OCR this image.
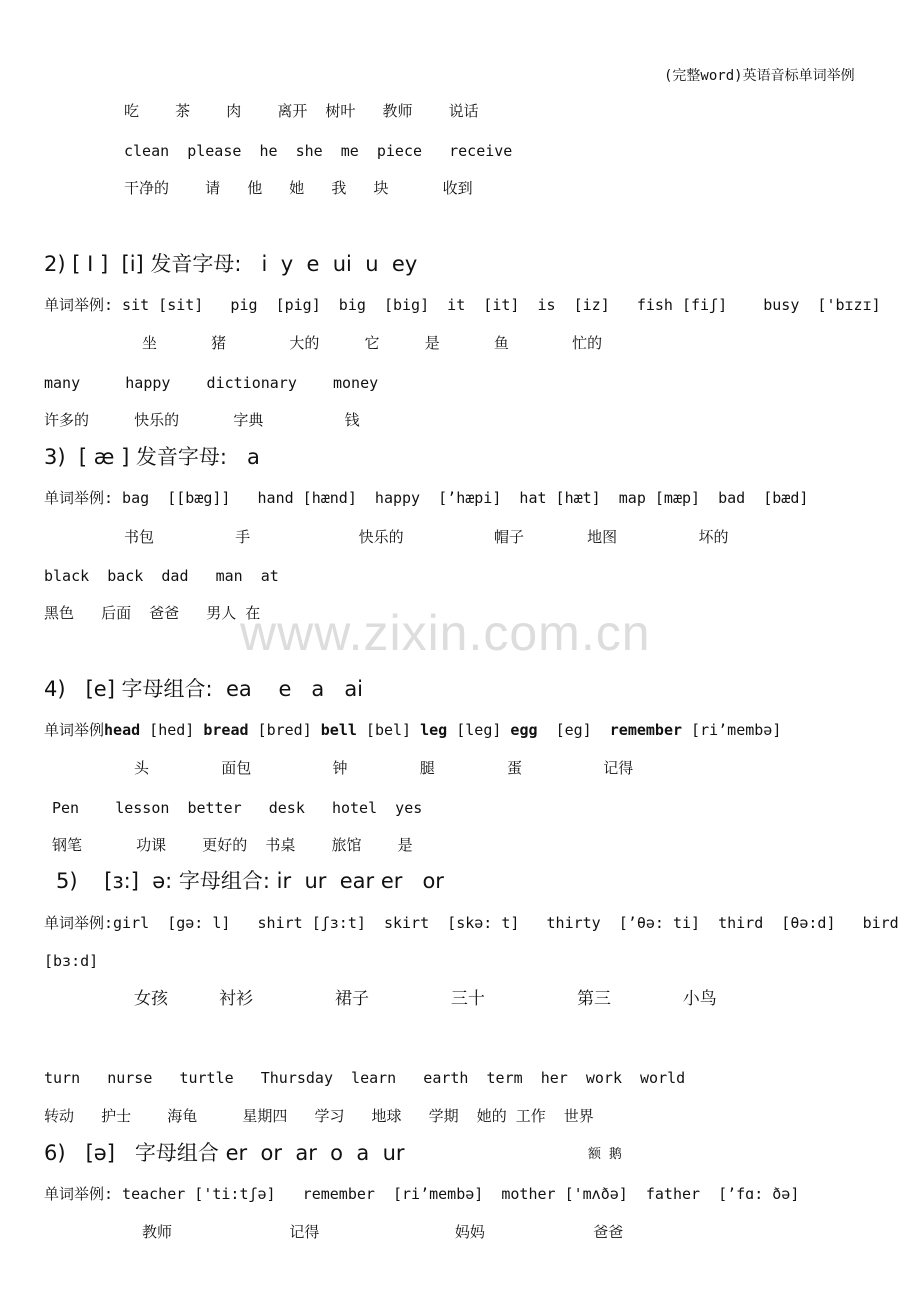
(完整word)英语音标单词举例
吃    茶    肉    离开  树叶   教师    说话
clean  please  he  she  me  piece   receive
干净的    请   他   她   我   块      收到
2) [ I ]  [i] 发音字母:   i  y  e  ui  u  ey
单词举例: sit [sit]   pig  [pig]  big  [big]  it  [it]  is  [iz]   fish [fiʃ]    busy  ['bɪzɪ]
坐      猪       大的     它     是      鱼       忙的
many     happy    dictionary    money
许多的     快乐的      字典         钱
3)  [ æ ] 发音字母:   a
单词举例: bag  [[bæg]]   hand [hænd]  happy  [’hæpi]  hat [hæt]  map [mæp]  bad  [bæd]
书包         手            快乐的          帽子       地图         坏的
black  back  dad   man  at
黑色   后面  爸爸   男人 在
www.zixin.com.cn
4)   [e] 字母组合:  ea    e   a   ai
单词举例head [hed] bread [bred] bell [bel] leg [leg] egg  [eg]  remember [ri’membə]
头        面包         钟        腿        蛋         记得
Pen    lesson  better   desk   hotel  yes
钢笔      功课    更好的  书桌    旅馆    是
5)    [ɜ:]  ə: 字母组合: ir  ur  ear er   or
单词举例:girl  [gə: l]   shirt [ʃɜ:t]  skirt  [skə: t]   thirty  [’θə: ti]  third  [θə:d]   bird
[bɜ:d]
女孩     衬衫        裙子        三十         第三       小鸟
turn   nurse   turtle   Thursday  learn   earth  term  her  work  world
转动   护士    海龟     星期四   学习   地球   学期  她的 工作  世界
6)   [ə]   字母组合 er  or  ar  o  a  ur	额 鹅
单词举例: teacher ['ti:tʃə]   remember  [ri’membə]  mother ['mʌðə]  father  [’fɑ: ðə]
教师             记得               妈妈            爸爸
